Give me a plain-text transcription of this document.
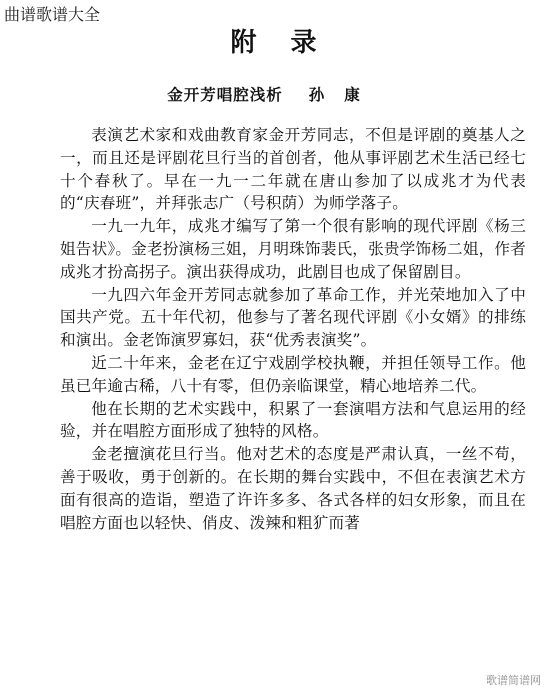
曲谱歌谱大全
附录
金开芳唱腔浅析 孙康

表演艺术家和戏曲教育家金开芳同志，不但是评剧的奠基人之一，而且还是评剧花旦行当的首创者，他从事评剧艺术生活已经七十个春秋了。早在一九一二年就在唐山参加了以成兆才为代表的“庆春班”，并拜张志广（号积荫）为师学落子。

一九一九年，成兆才编写了第一个很有影响的现代评剧《杨三姐告状》。金老扮演杨三姐，月明珠饰裴氏，张贵学饰杨二姐，作者成兆才扮高拐子。演出获得成功，此剧目也成了保留剧目。

一九四六年金开芳同志就参加了革命工作，并光荣地加入了中国共产党。五十年代初，他参与了著名现代评剧《小女婿》的排练和演出。金老饰演罗寡妇，获“优秀表演奖”。

近二十年来，金老在辽宁戏剧学校执鞭，并担任领导工作。他虽已年逾古稀，八十有零，但仍亲临课堂，精心地培养二代。

他在长期的艺术实践中，积累了一套演唱方法和气息运用的经验，并在唱腔方面形成了独特的风格。

金老擅演花旦行当。他对艺术的态度是严肃认真，一丝不苟，善于吸收，勇于创新的。在长期的舞台实践中，不但在表演艺术方面有很高的造诣，塑造了许许多多、各式各样的妇女形象，而且在唱腔方面也以轻快、俏皮、泼辣和粗犷而著

歌谱简谱网
